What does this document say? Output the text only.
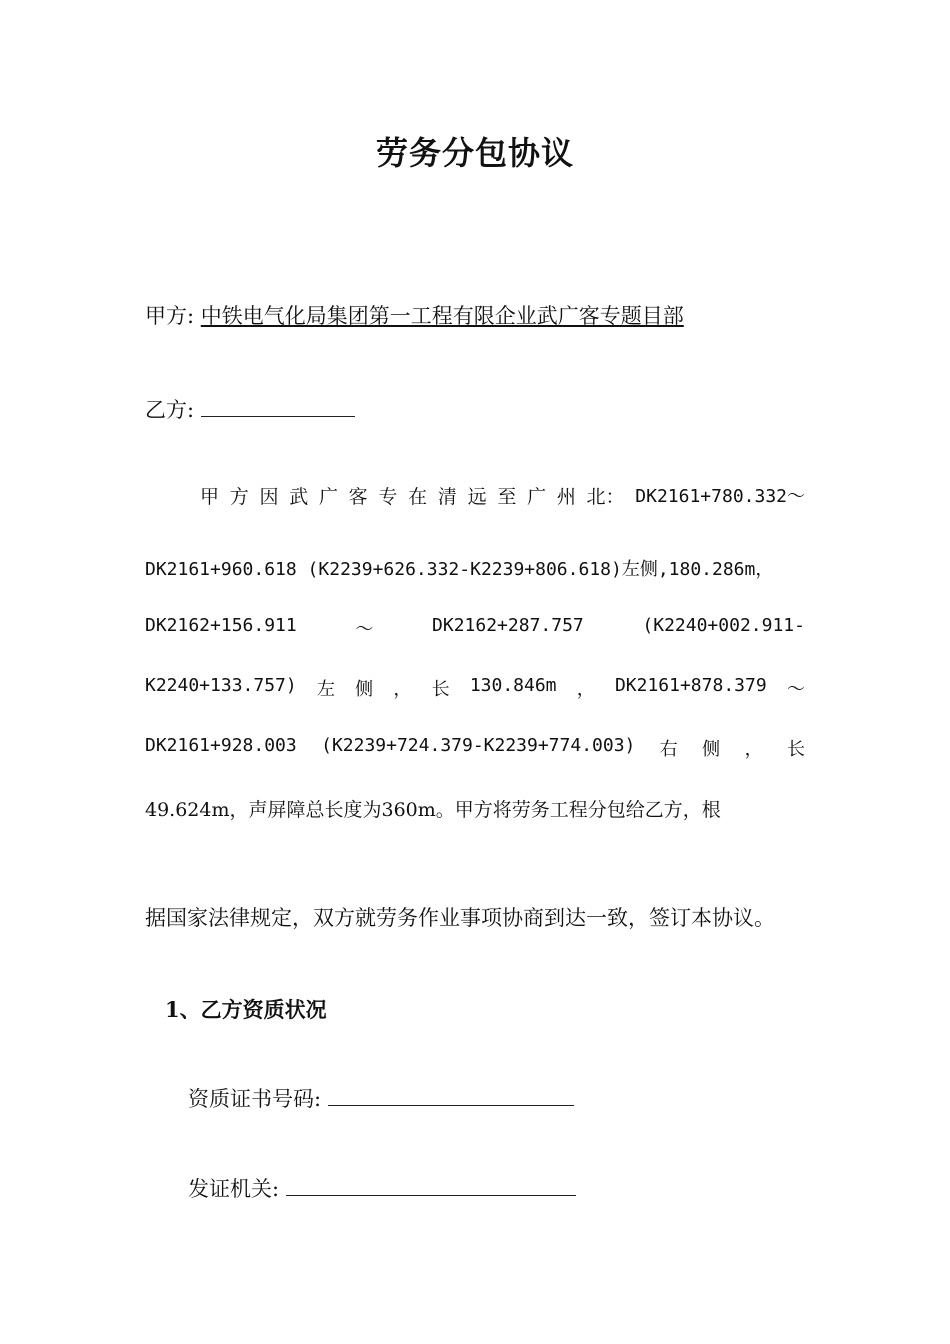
劳务分包协议
甲方: 中铁电气化局集团第一工程有限企业武广客专题目部
乙方:
甲 方 因 武 广 客 专 在 清 远 至 广 州 北： DK2161+780.332～
DK2161+960.618 (K2239+626.332-K2239+806.618)左侧,180.286m，
DK2162+156.911	～	DK2162+287.757	(K2240+002.911-
K2240+133.757) 左 侧 ， 长 130.846m ， DK2161+878.379 ～
DK2161+928.003 (K2239+724.379-K2239+774.003) 右 侧 ， 长
49.624m，声屏障总长度为360m。甲方将劳务工程分包给乙方，根
据国家法律规定，双方就劳务作业事项协商到达一致，签订本协议。
1、乙方资质状况
资质证书号码:
发证机关:
